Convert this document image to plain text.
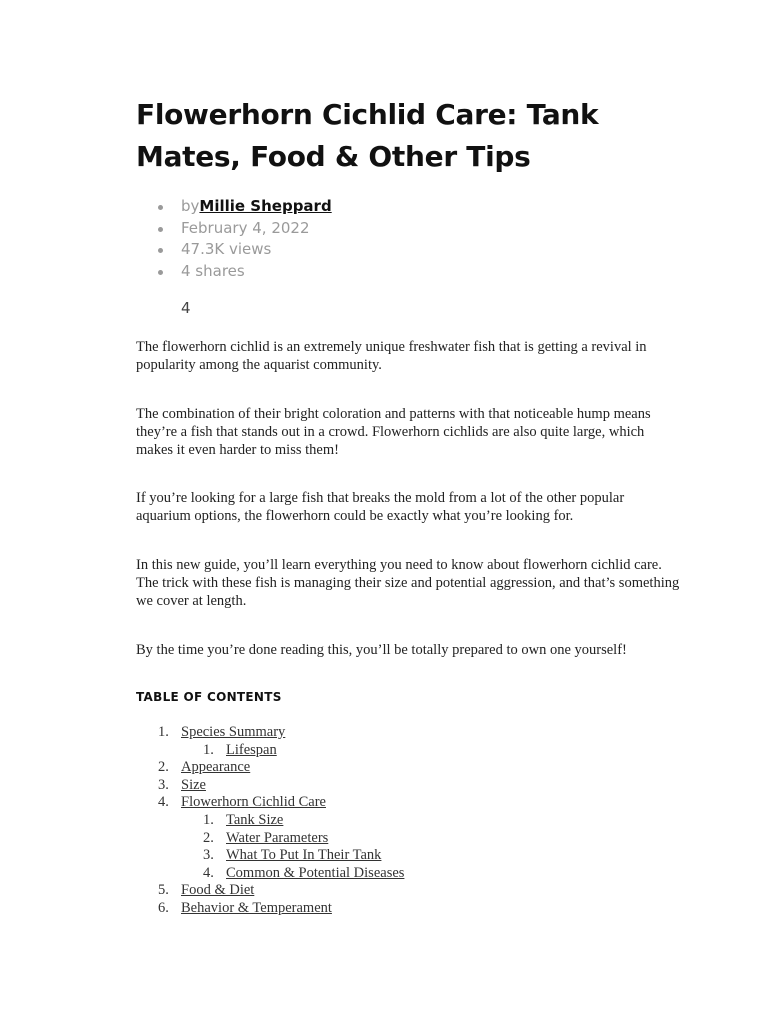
Flowerhorn Cichlid Care: Tank Mates, Food & Other Tips
byMillie Sheppard
February 4, 2022
47.3K views
4 shares
4

The flowerhorn cichlid is an extremely unique freshwater fish that is getting a revival in popularity among the aquarist community.

The combination of their bright coloration and patterns with that noticeable hump means they’re a fish that stands out in a crowd. Flowerhorn cichlids are also quite large, which makes it even harder to miss them!

If you’re looking for a large fish that breaks the mold from a lot of the other popular aquarium options, the flowerhorn could be exactly what you’re looking for.

In this new guide, you’ll learn everything you need to know about flowerhorn cichlid care. The trick with these fish is managing their size and potential aggression, and that’s something we cover at length.

By the time you’re done reading this, you’ll be totally prepared to own one yourself!

TABLE OF CONTENTS
1. Species Summary
1. Lifespan
2. Appearance
3. Size
4. Flowerhorn Cichlid Care
1. Tank Size
2. Water Parameters
3. What To Put In Their Tank
4. Common & Potential Diseases
5. Food & Diet
6. Behavior & Temperament
